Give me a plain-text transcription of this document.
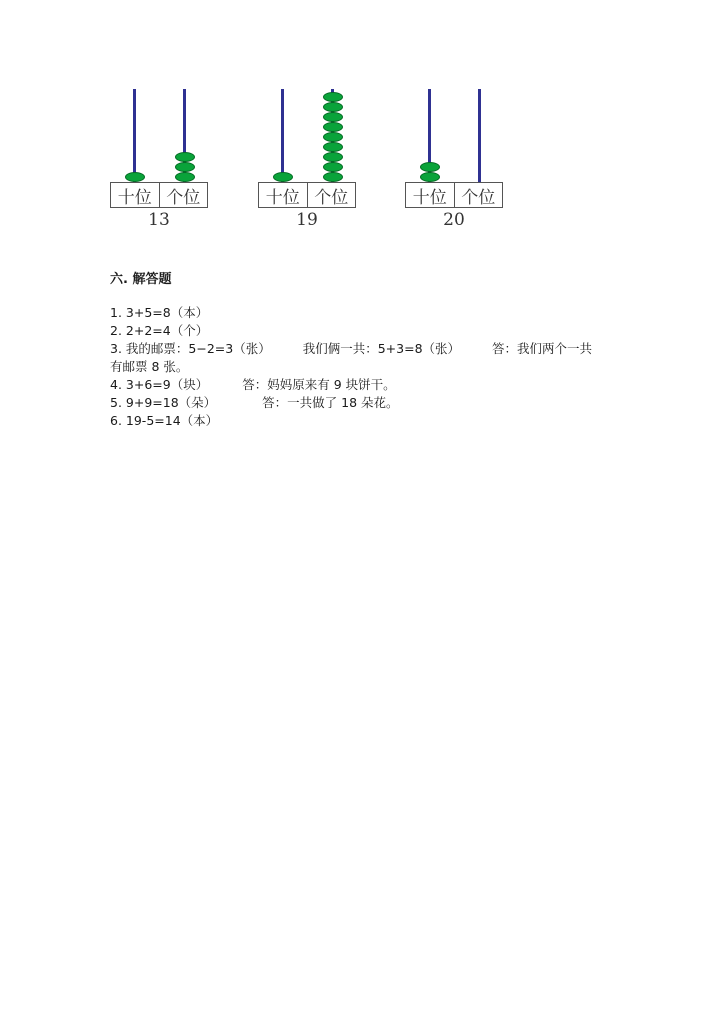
十位 个位
13
十位 个位
19
十位 个位
20
六. 解答题
1. 3+5=8（本）
2. 2+2=4（个）
3. 我的邮票：5−2=3（张）	我们俩一共：5+3=8（张）	答：我们两个一共
有邮票 8 张。
4. 3+6=9（块）	答：妈妈原来有 9 块饼干。
5. 9+9=18（朵）	答：一共做了 18 朵花。
6. 19-5=14（本）
